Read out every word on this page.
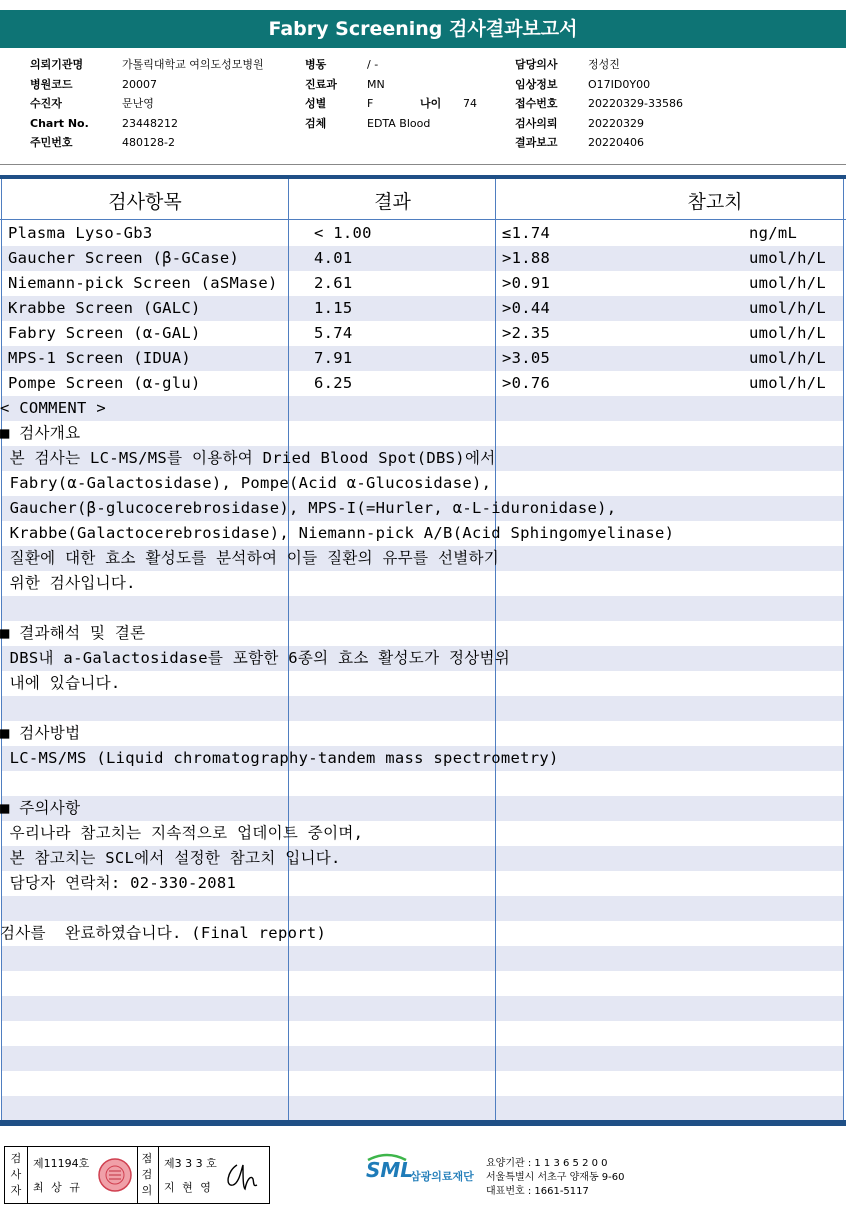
Fabry Screening 검사결과보고서
의뢰기관명	가톨릭대학교 여의도성모병원
병원코드	20007
수진자	문난영
Chart No.	23448212
주민번호	480128-2
병동	/ -
진료과	MN
성별	F	나이 74
검체	EDTA Blood
담당의사	정성진
임상정보	O17ID0Y00
접수번호	20220329-33586
검사의뢰	20220329
결과보고	20220406
검사항목	결과	참고치
Plasma Lyso-Gb3	< 1.00	≤1.74	ng/mL
Gaucher Screen (β-GCase)	4.01	>1.88	umol/h/L
Niemann-pick Screen (aSMase) 2.61	>0.91	umol/h/L
Krabbe Screen (GALC)	1.15	>0.44	umol/h/L
Fabry Screen (α-GAL)	5.74	>2.35	umol/h/L
MPS-1 Screen (IDUA)	7.91	>3.05	umol/h/L
Pompe Screen (α-glu)	6.25	>0.76	umol/h/L
< COMMENT >
■ 검사개요
본 검사는 LC-MS/MS를 이용하여 Dried Blood Spot(DBS)에서
Fabry(α-Galactosidase), Pompe(Acid α-Glucosidase),
Gaucher(β-glucocerebrosidase), MPS-I(=Hurler, α-L-iduronidase),
Krabbe(Galactocerebrosidase), Niemann-pick A/B(Acid Sphingomyelinase)
질환에 대한 효소 활성도를 분석하여 이들 질환의 유무를 선별하기
위한 검사입니다.
■ 결과해석 및 결론
DBS내 a-Galactosidase를 포함한 6종의 효소 활성도가 정상범위
내에 있습니다.
■ 검사방법
LC-MS/MS (Liquid chromatography-tandem mass spectrometry)
■ 주의사항
우리나라 참고치는 지속적으로 업데이트 중이며,
본 참고치는 SCL에서 설정한 참고치 입니다.
담당자 연락처: 02-330-2081
검사를  완료하였습니다. (Final report)
검사자
제11194호
최 상 규
점검의
제3 3 3 호
지 현 영
SML
삼광의료재단
요양기관 : 1 1 3 6 5 2 0 0
서울특별시 서초구 양재동 9-60
대표번호 : 1661-5117
